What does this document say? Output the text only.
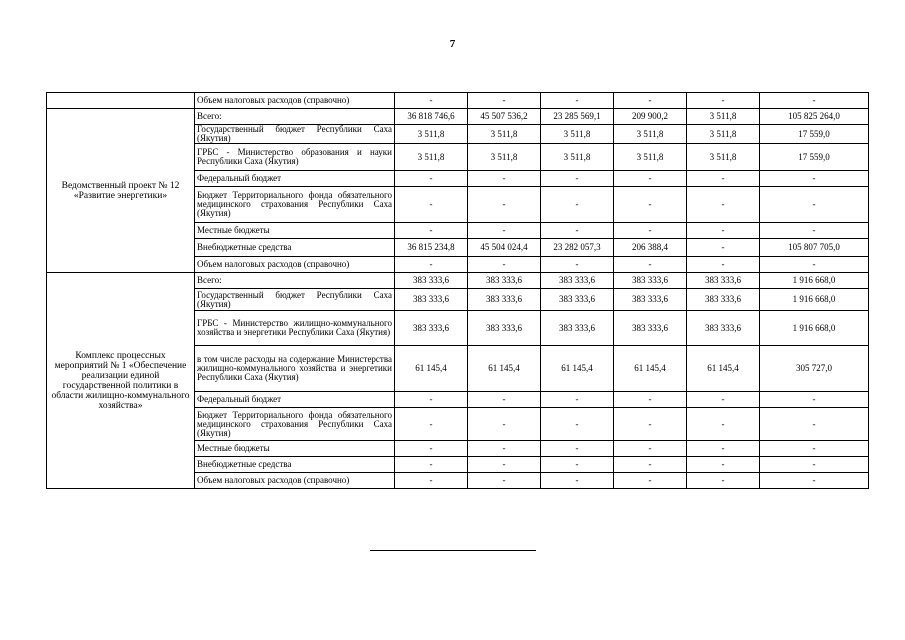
7
	Объем налоговых расходов (справочно)	-	-	-	-	-	-
Ведомственный проект № 12 «Развитие энергетики»	Всего:	36 818 746,6	45 507 536,2	23 285 569,1	209 900,2	3 511,8	105 825 264,0
	Государственный бюджет Республики Саха (Якутия)	3 511,8	3 511,8	3 511,8	3 511,8	3 511,8	17 559,0
	ГРБС - Министерство образования и науки Республики Саха (Якутия)	3 511,8	3 511,8	3 511,8	3 511,8	3 511,8	17 559,0
	Федеральный бюджет	-	-	-	-	-	-
	Бюджет Территориального фонда обязательного медицинского страхования Республики Саха (Якутия)	-	-	-	-	-	-
	Местные бюджеты	-	-	-	-	-	-
	Внебюджетные средства	36 815 234,8	45 504 024,4	23 282 057,3	206 388,4	-	105 807 705,0
	Объем налоговых расходов (справочно)	-	-	-	-	-	-
Комплекс процессных мероприятий № 1 «Обеспечение реализации единой государственной политики в области жилищно-коммунального хозяйства»	Всего:	383 333,6	383 333,6	383 333,6	383 333,6	383 333,6	1 916 668,0
	Государственный бюджет Республики Саха (Якутия)	383 333,6	383 333,6	383 333,6	383 333,6	383 333,6	1 916 668,0
	ГРБС - Министерство жилищно-коммунального хозяйства и энергетики Республики Саха (Якутия)	383 333,6	383 333,6	383 333,6	383 333,6	383 333,6	1 916 668,0
	в том числе расходы на содержание Министерства жилищно-коммунального хозяйства и энергетики Республики Саха (Якутия)	61 145,4	61 145,4	61 145,4	61 145,4	61 145,4	305 727,0
	Федеральный бюджет	-	-	-	-	-	-
	Бюджет Территориального фонда обязательного медицинского страхования Республики Саха (Якутия)	-	-	-	-	-	-
	Местные бюджеты	-	-	-	-	-	-
	Внебюджетные средства	-	-	-	-	-	-
	Объем налоговых расходов (справочно)	-	-	-	-	-	-
